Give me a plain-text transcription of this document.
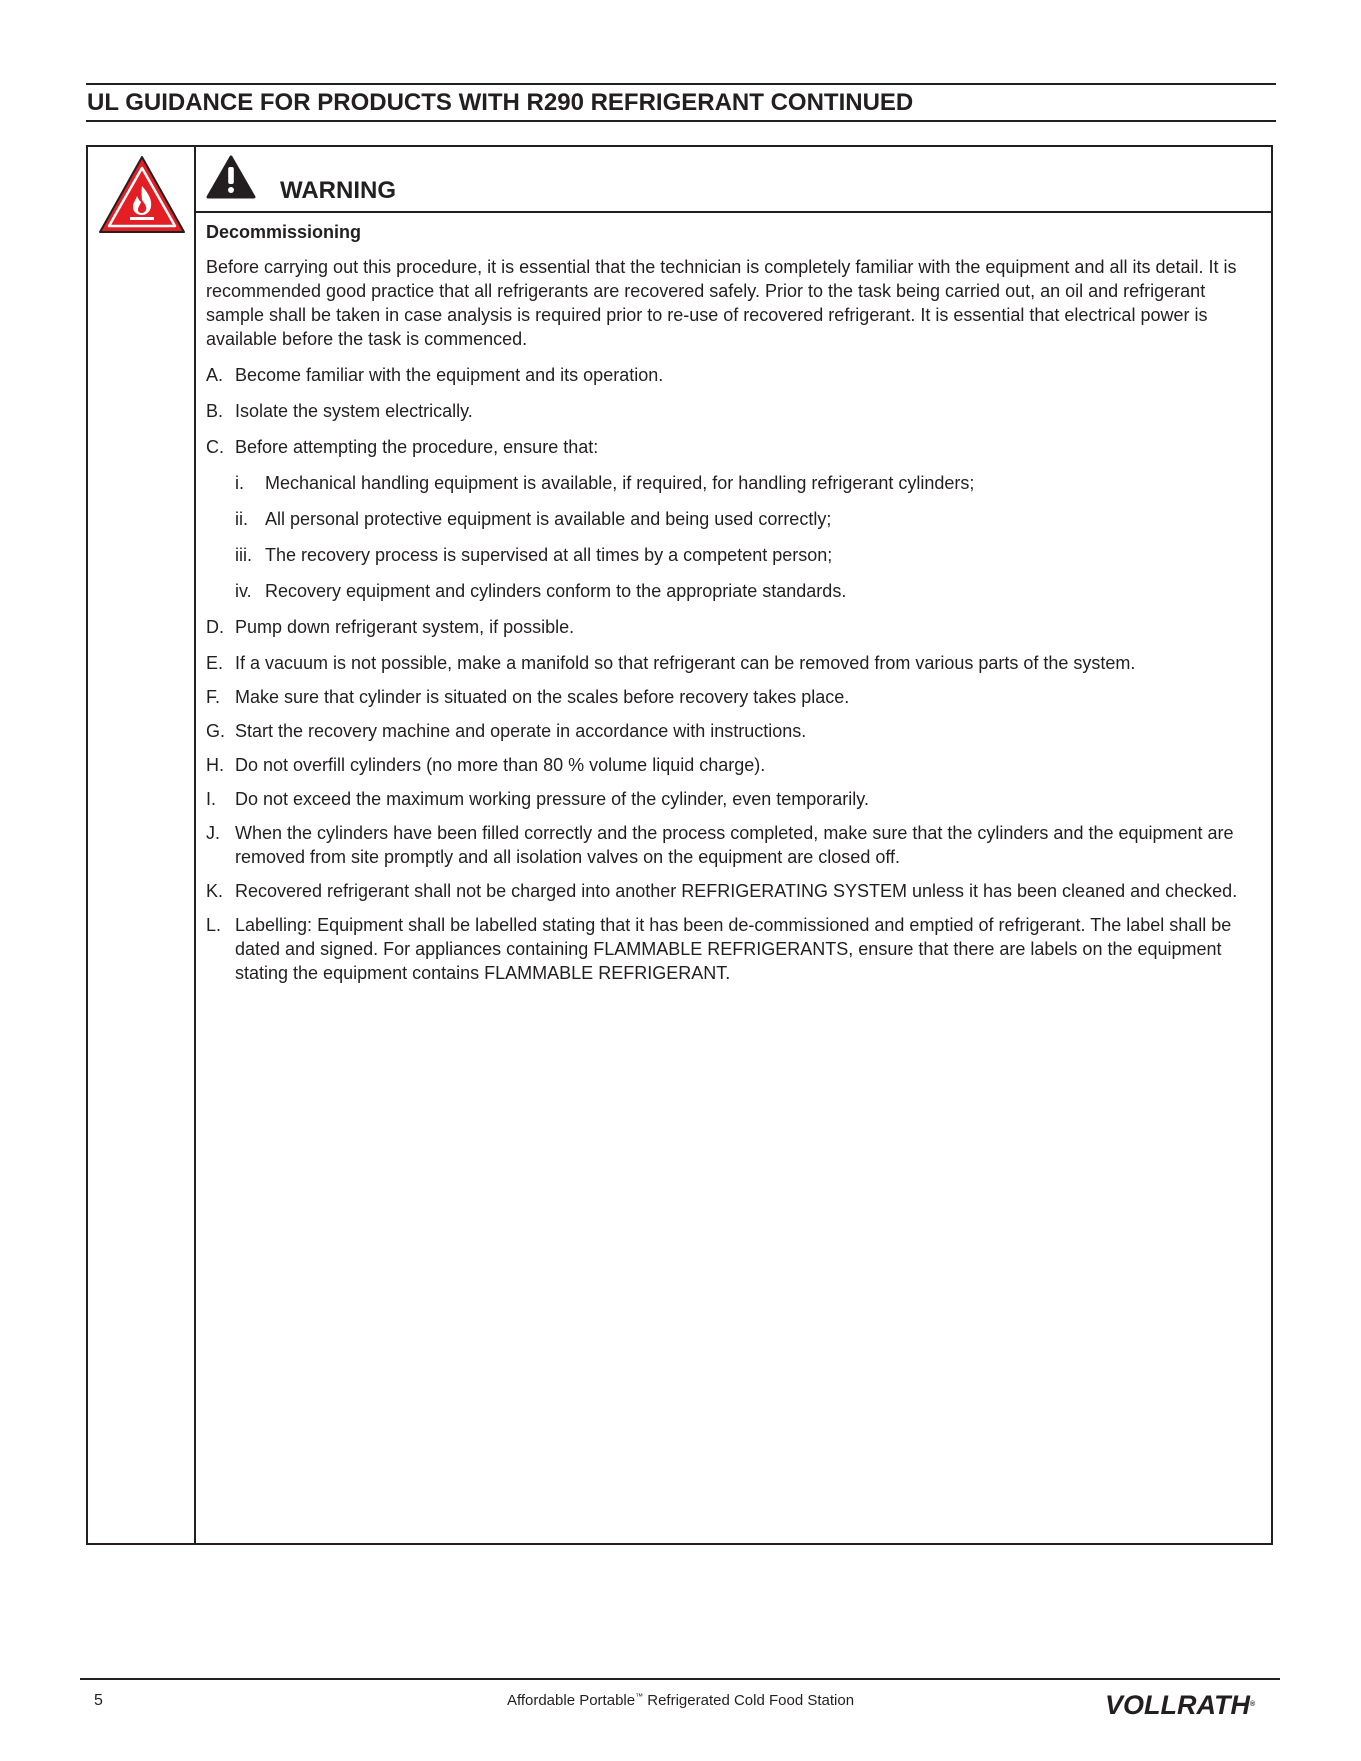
UL GUIDANCE FOR PRODUCTS WITH R290 REFRIGERANT CONTINUED
WARNING
Decommissioning

Before carrying out this procedure, it is essential that the technician is completely familiar with the equipment and all its detail. It is recommended good practice that all refrigerants are recovered safely. Prior to the task being carried out, an oil and refrigerant sample shall be taken in case analysis is required prior to re-use of recovered refrigerant. It is essential that electrical power is available before the task is commenced.

A. Become familiar with the equipment and its operation.
B. Isolate the system electrically.
C. Before attempting the procedure, ensure that:
i. Mechanical handling equipment is available, if required, for handling refrigerant cylinders;
ii. All personal protective equipment is available and being used correctly;
iii. The recovery process is supervised at all times by a competent person;
iv. Recovery equipment and cylinders conform to the appropriate standards.
D. Pump down refrigerant system, if possible.
E. If a vacuum is not possible, make a manifold so that refrigerant can be removed from various parts of the system.
F. Make sure that cylinder is situated on the scales before recovery takes place.
G. Start the recovery machine and operate in accordance with instructions.
H. Do not overfill cylinders (no more than 80 % volume liquid charge).
I. Do not exceed the maximum working pressure of the cylinder, even temporarily.
J. When the cylinders have been filled correctly and the process completed, make sure that the cylinders and the equipment are removed from site promptly and all isolation valves on the equipment are closed off.
K. Recovered refrigerant shall not be charged into another REFRIGERATING SYSTEM unless it has been cleaned and checked.
L. Labelling: Equipment shall be labelled stating that it has been de-commissioned and emptied of refrigerant. The label shall be dated and signed. For appliances containing FLAMMABLE REFRIGERANTS, ensure that there are labels on the equipment stating the equipment contains FLAMMABLE REFRIGERANT.
5	Affordable Portable™ Refrigerated Cold Food Station	VOLLRATH®
